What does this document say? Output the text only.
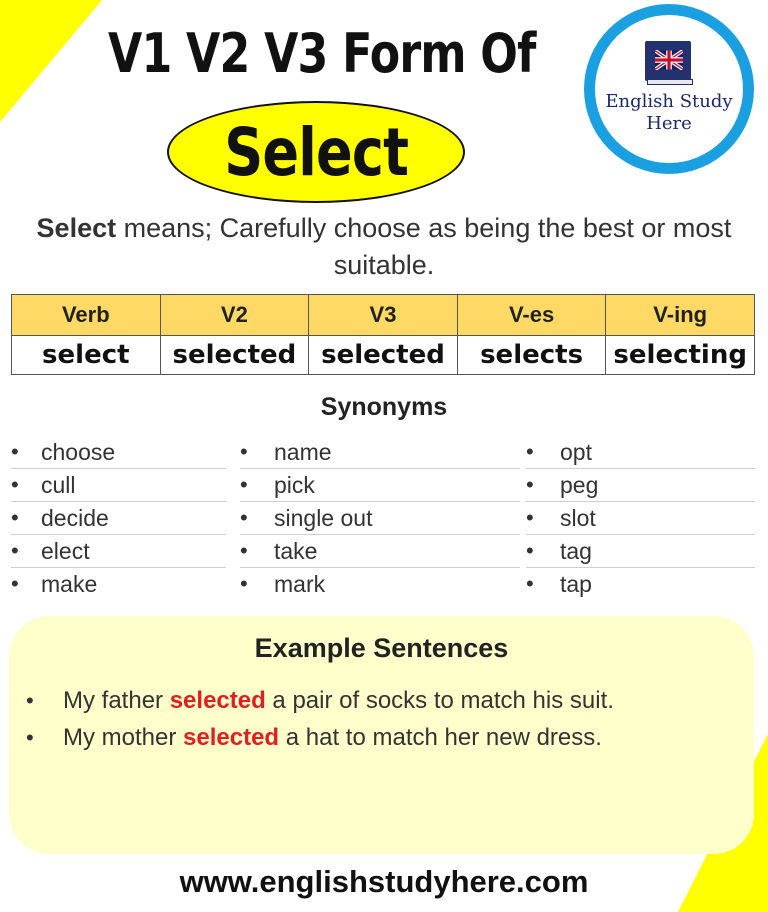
V1 V2 V3 Form Of
Select
English Study
Here
Select means; Carefully choose as being the best or most suitable.
Verb	V2	V3	V-es	V-ing
select	selected	selected	selects	selecting
Synonyms
• choose
• cull
• decide
• elect
• make
•	name
•	pick
•	single out
•	take
•	mark
•	opt
•	peg
•	slot
•	tag
•	tap
Example Sentences
•	My father selected a pair of socks to match his suit.
•	My mother selected a hat to match her new dress.
www.englishstudyhere.com
